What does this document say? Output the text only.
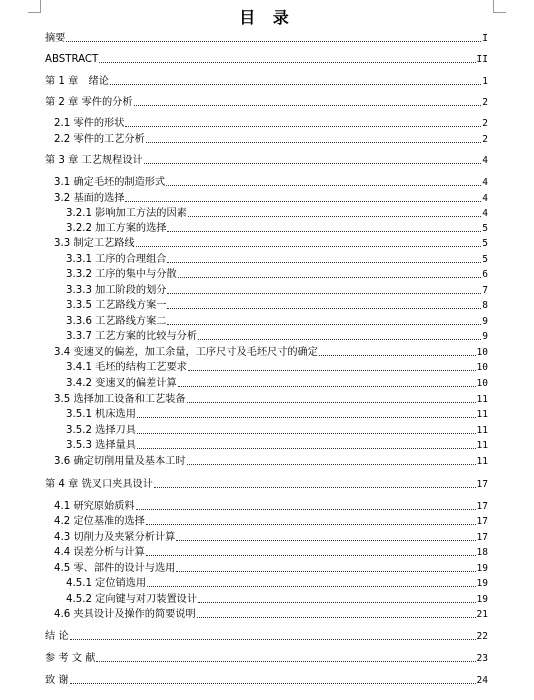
目 录
摘要	I
ABSTRACT	II
第 1 章　绪论	1
第 2 章 零件的分析	2
2.1 零件的形状	2
2.2 零件的工艺分析	2
第 3 章 工艺规程设计	4
3.1 确定毛坯的制造形式	4
3.2 基面的选择	4
3.2.1 影响加工方法的因素	4
3.2.2 加工方案的选择	5
3.3 制定工艺路线	5
3.3.1 工序的合理组合	5
3.3.2 工序的集中与分散	6
3.3.3 加工阶段的划分	7
3.3.5 工艺路线方案一	8
3.3.6 工艺路线方案二	9
3.3.7 工艺方案的比较与分析	9
3.4 变速叉的偏差，加工余量，工序尺寸及毛坯尺寸的确定	10
3.4.1 毛坯的结构工艺要求	10
3.4.2 变速叉的偏差计算	10
3.5 选择加工设备和工艺装备	11
3.5.1 机床选用	11
3.5.2 选择刀具	11
3.5.3 选择量具	11
3.6 确定切削用量及基本工时	11
第 4 章 铣叉口夹具设计	17
4.1 研究原始质料	17
4.2 定位基准的选择	17
4.3 切削力及夹紧分析计算	17
4.4 误差分析与计算	18
4.5 零、部件的设计与选用	19
4.5.1 定位销选用	19
4.5.2 定向键与对刀装置设计	19
4.6 夹具设计及操作的简要说明	21
结 论	22
参 考 文 献	23
致 谢	24
